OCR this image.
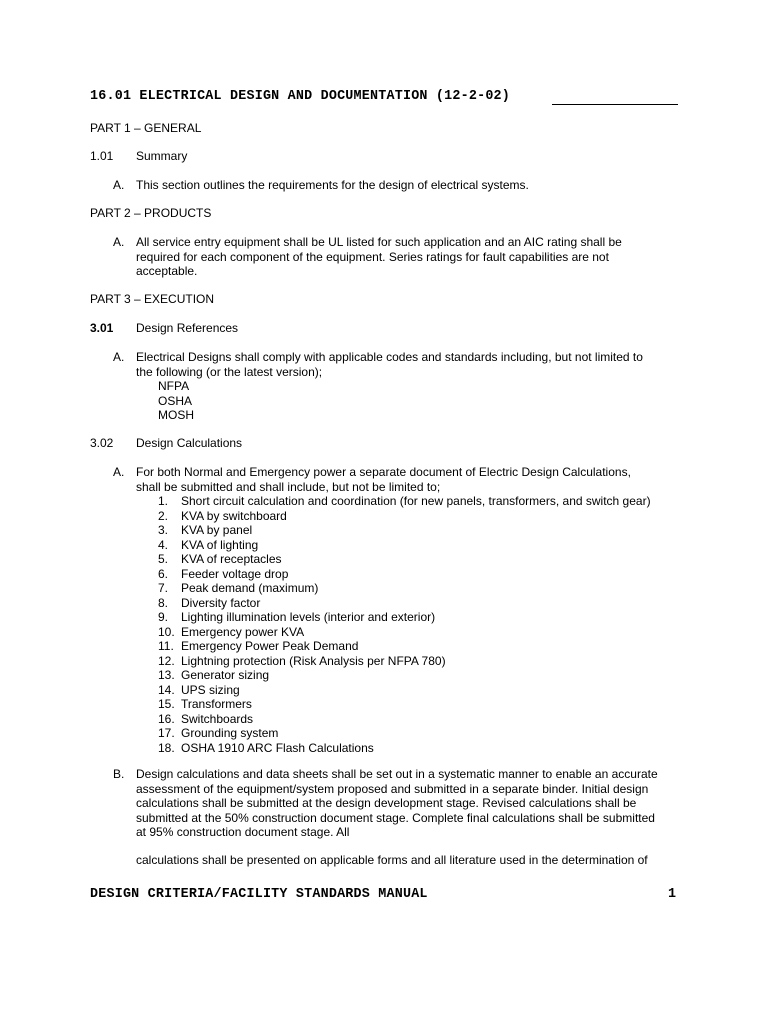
16.01 ELECTRICAL DESIGN AND DOCUMENTATION (12-2-02)
PART 1 – GENERAL
1.01 Summary
A. This section outlines the requirements for the design of electrical systems.
PART 2 – PRODUCTS
A. All service entry equipment shall be UL listed for such application and an AIC rating shall be
required for each component of the equipment. Series ratings for fault capabilities are not
acceptable.
PART 3 – EXECUTION
3.01 Design References
A. Electrical Designs shall comply with applicable codes and standards including, but not limited to
the following (or the latest version);
NFPA
OSHA
MOSH
3.02 Design Calculations
A. For both Normal and Emergency power a separate document of Electric Design Calculations,
shall be submitted and shall include, but not be limited to;
1.	Short circuit calculation and coordination (for new panels, transformers, and switch gear)
2.	KVA by switchboard
3.	KVA by panel
4.	KVA of lighting
5.	KVA of receptacles
6.	Feeder voltage drop
7.	Peak demand (maximum)
8.	Diversity factor
9.	Lighting illumination levels (interior and exterior)
10. Emergency power KVA
11. Emergency Power Peak Demand
12. Lightning protection (Risk Analysis per NFPA 780)
13. Generator sizing
14. UPS sizing
15. Transformers
16. Switchboards
17. Grounding system
18. OSHA 1910 ARC Flash Calculations
B. Design calculations and data sheets shall be set out in a systematic manner to enable an accurate
assessment of the equipment/system proposed and submitted in a separate binder. Initial design
calculations shall be submitted at the design development stage. Revised calculations shall be
submitted at the 50% construction document stage. Complete final calculations shall be submitted
at 95% construction document stage. All
calculations shall be presented on applicable forms and all literature used in the determination of
DESIGN CRITERIA/FACILITY STANDARDS MANUAL	1
